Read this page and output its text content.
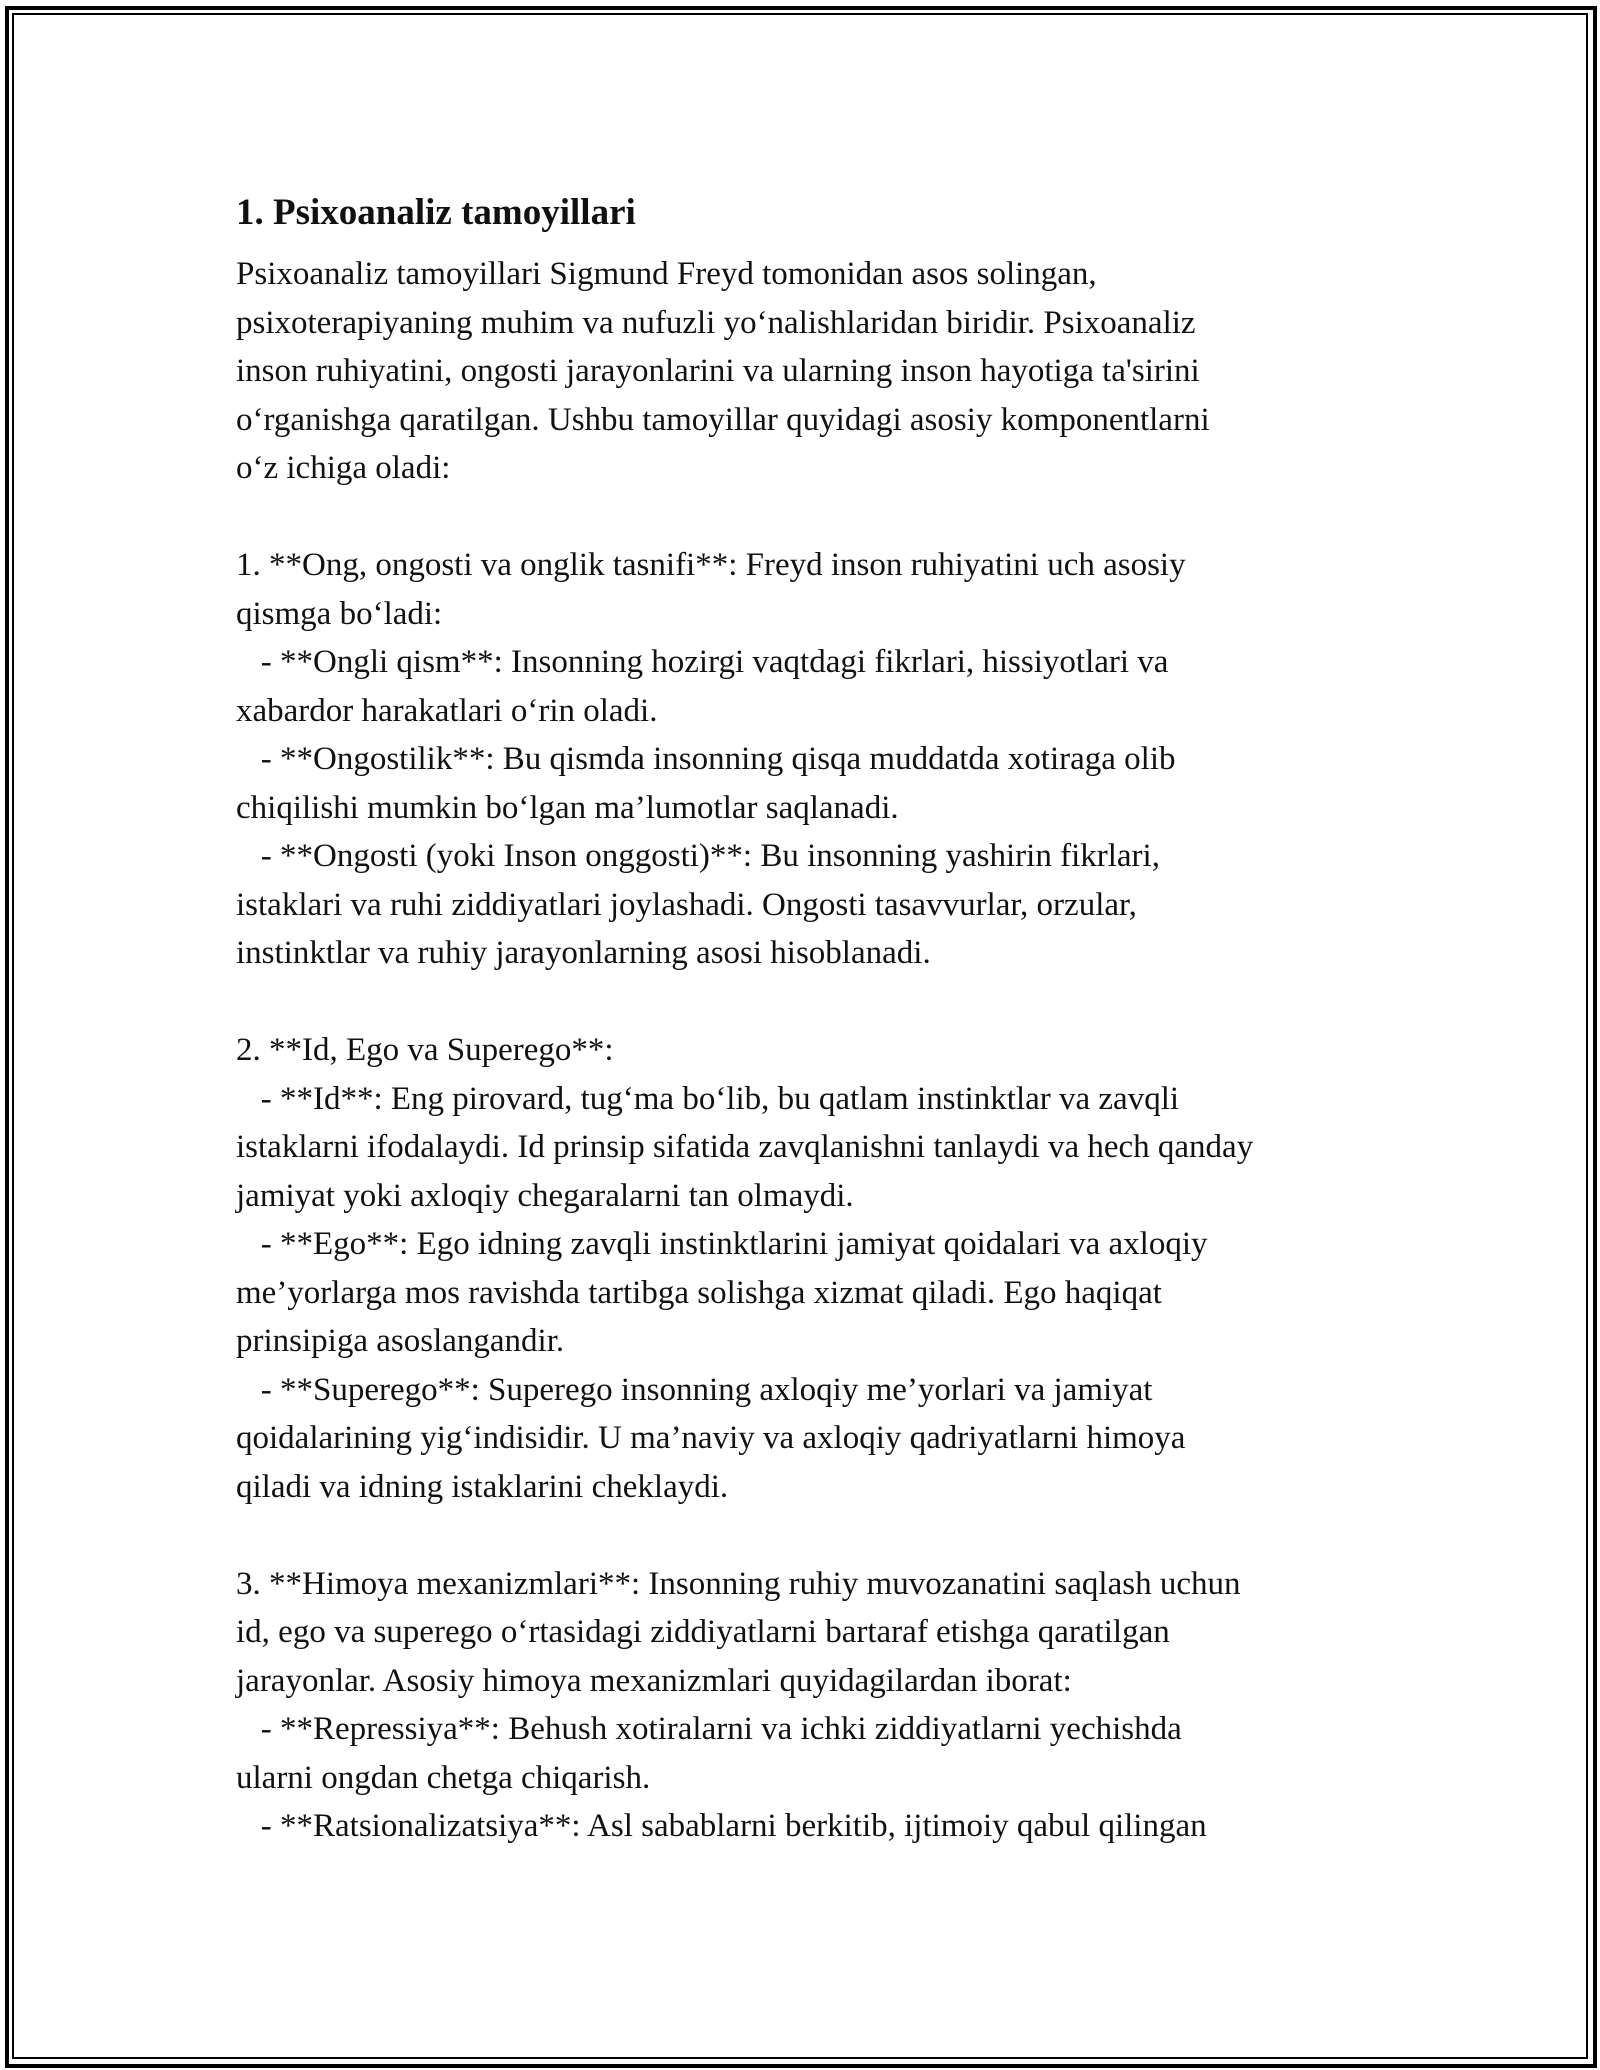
1. Psixoanaliz tamoyillari
Psixoanaliz tamoyillari Sigmund Freyd tomonidan asos solingan,
psixoterapiyaning muhim va nufuzli yo‘nalishlaridan biridir. Psixoanaliz
inson ruhiyatini, ongosti jarayonlarini va ularning inson hayotiga ta'sirini
o‘rganishga qaratilgan. Ushbu tamoyillar quyidagi asosiy komponentlarni
o‘z ichiga oladi:
1. **Ong, ongosti va onglik tasnifi**: Freyd inson ruhiyatini uch asosiy
qismga bo‘ladi:
- **Ongli qism**: Insonning hozirgi vaqtdagi fikrlari, hissiyotlari va
xabardor harakatlari o‘rin oladi.
- **Ongostilik**: Bu qismda insonning qisqa muddatda xotiraga olib
chiqilishi mumkin bo‘lgan ma’lumotlar saqlanadi.
- **Ongosti (yoki Inson onggosti)**: Bu insonning yashirin fikrlari,
istaklari va ruhi ziddiyatlari joylashadi. Ongosti tasavvurlar, orzular,
instinktlar va ruhiy jarayonlarning asosi hisoblanadi.
2. **Id, Ego va Superego**:
- **Id**: Eng pirovard, tug‘ma bo‘lib, bu qatlam instinktlar va zavqli
istaklarni ifodalaydi. Id prinsip sifatida zavqlanishni tanlaydi va hech qanday
jamiyat yoki axloqiy chegaralarni tan olmaydi.
- **Ego**: Ego idning zavqli instinktlarini jamiyat qoidalari va axloqiy
me’yorlarga mos ravishda tartibga solishga xizmat qiladi. Ego haqiqat
prinsipiga asoslangandir.
- **Superego**: Superego insonning axloqiy me’yorlari va jamiyat
qoidalarining yig‘indisidir. U ma’naviy va axloqiy qadriyatlarni himoya
qiladi va idning istaklarini cheklaydi.
3. **Himoya mexanizmlari**: Insonning ruhiy muvozanatini saqlash uchun
id, ego va superego o‘rtasidagi ziddiyatlarni bartaraf etishga qaratilgan
jarayonlar. Asosiy himoya mexanizmlari quyidagilardan iborat:
- **Repressiya**: Behush xotiralarni va ichki ziddiyatlarni yechishda
ularni ongdan chetga chiqarish.
- **Ratsionalizatsiya**: Asl sabablarni berkitib, ijtimoiy qabul qilingan
